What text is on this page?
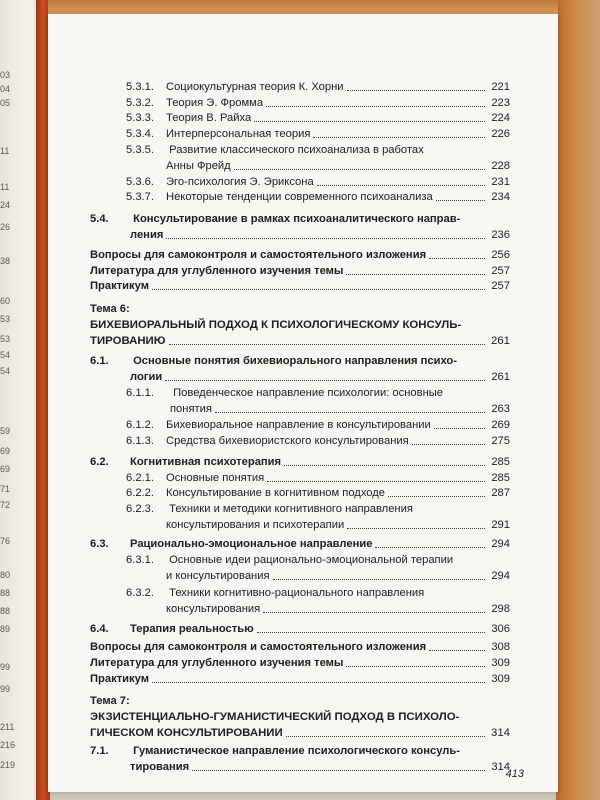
03
04
05
11
11
24
26
38
60
53
53
54
54
59
69
69
71
72
76
80
88
88
89
99
99
211
216
219
5.3.1.	Социокультурная теория К. Хорни	221
5.3.2.	Теория Э. Фромма	223
5.3.3.	Теория В. Райха	224
5.3.4.	Интерперсональная теория	226
5.3.5. Развитие классического психоанализа в работах
Анны Фрейд	228
5.3.6.	Эго-психология Э. Эриксона	231
5.3.7.	Некоторые тенденции современного психоанализа	234
5.4. Консультирование в рамках психоаналитического направ-
ления	236
Вопросы для самоконтроля и самостоятельного изложения	256
Литература для углубленного изучения темы	257
Практикум	257
Тема 6:
БИХЕВИОРАЛЬНЫЙ ПОДХОД К ПСИХОЛОГИЧЕСКОМУ КОНСУЛЬ-
ТИРОВАНИЮ	261
6.1. Основные понятия бихевиорального направления психо-
логии	261
6.1.1. Поведенческое направление психологии: основные
понятия	263
6.1.2.	Бихевиоральное направление в консультировании	269
6.1.3.	Средства бихевиористского консультирования	275
6.2.	Когнитивная психотерапия	285
6.2.1.	Основные понятия	285
6.2.2.	Консультирование в когнитивном подходе	287
6.2.3. Техники и методики когнитивного направления
консультирования и психотерапии	291
6.3.	Рационально-эмоциональное направление	294
6.3.1. Основные идеи рационально-эмоциональной терапии
и консультирования	294
6.3.2. Техники когнитивно-рационального направления
консультирования	298
6.4.	Терапия реальностью	306
Вопросы для самоконтроля и самостоятельного изложения	308
Литература для углубленного изучения темы	309
Практикум	309
Тема 7:
ЭКЗИСТЕНЦИАЛЬНО-ГУМАНИСТИЧЕСКИЙ ПОДХОД В ПСИХОЛО-
ГИЧЕСКОМ КОНСУЛЬТИРОВАНИИ	314
7.1. Гуманистическое направление психологического консуль-
тирования	314
413
